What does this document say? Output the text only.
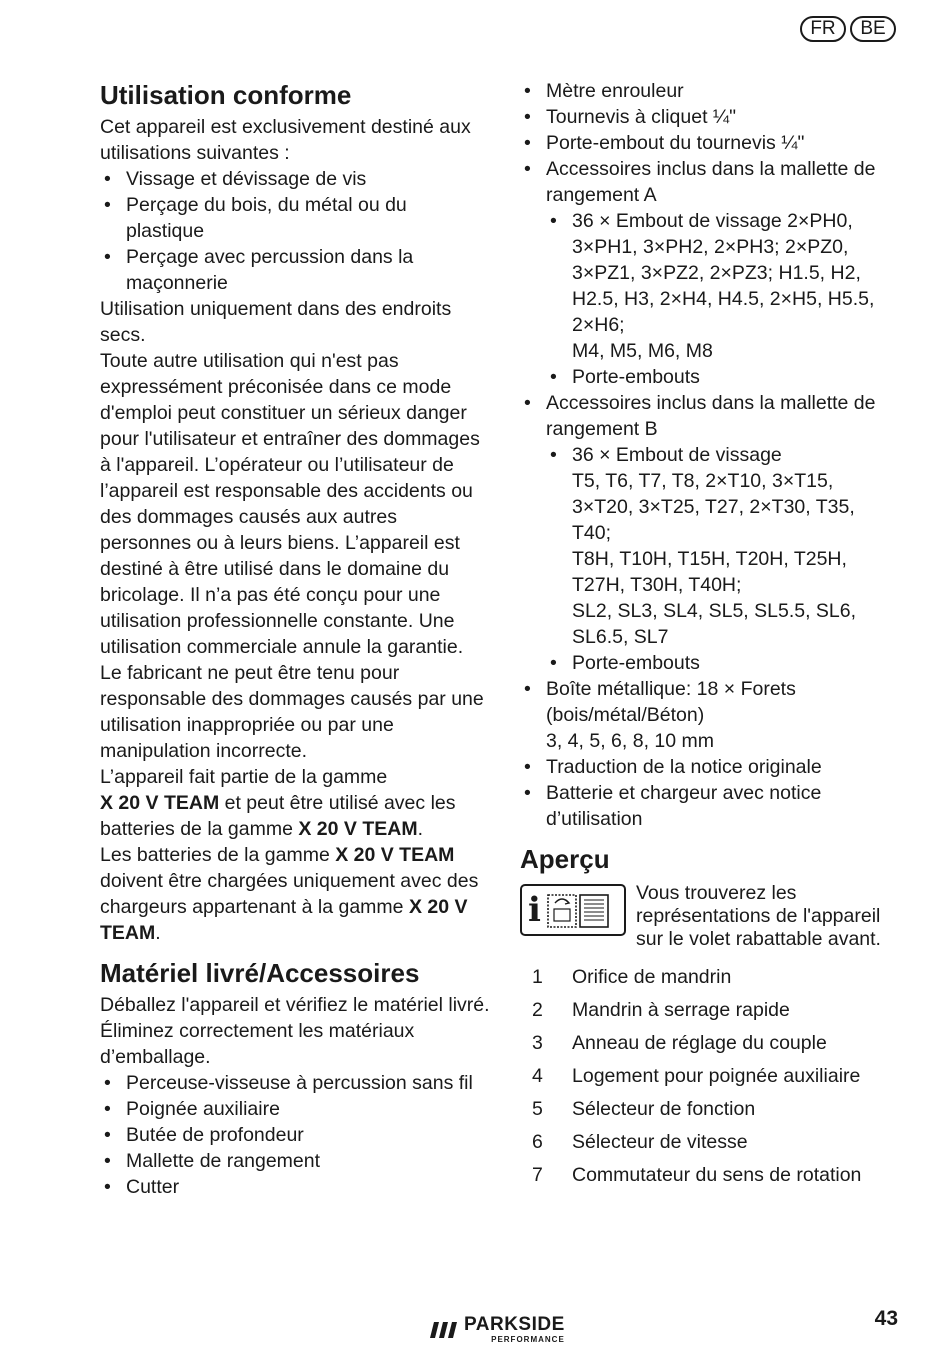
FR	BE
Utilisation conforme

Cet appareil est exclusivement destiné aux utilisations suivantes :

• Vissage et dévissage de vis
• Perçage du bois, du métal ou du plastique
• Perçage avec percussion dans la maçonnerie

Utilisation uniquement dans des endroits secs.

Toute autre utilisation qui n'est pas expressément préconisée dans ce mode d'emploi peut constituer un sérieux danger pour l'utilisateur et entraîner des dommages à l'appareil. L’opérateur ou l’utilisateur de l’appareil est responsable des accidents ou des dommages causés aux autres personnes ou à leurs biens. L’appareil est destiné à être utilisé dans le domaine du bricolage. Il n’a pas été conçu pour une utilisation professionnelle constante. Une utilisation commerciale annule la garantie.

Le fabricant ne peut être tenu pour responsable des dommages causés par une utilisation inappropriée ou par une manipulation incorrecte.

L’appareil fait partie de la gamme
X 20 V TEAM et peut être utilisé avec les batteries de la gamme X 20 V TEAM.

Les batteries de la gamme X 20 V TEAM doivent être chargées uniquement avec des chargeurs appartenant à la gamme X 20 V TEAM.

Matériel livré/Accessoires

Déballez l'appareil et vérifiez le matériel livré.

Éliminez correctement les matériaux d’emballage.

• Perceuse-visseuse à percussion sans fil
• Poignée auxiliaire
• Butée de profondeur
• Mallette de rangement
• Cutter
• Mètre enrouleur
• Tournevis à cliquet ¼"
• Porte-embout du tournevis ¼"
• Accessoires inclus dans la mallette de rangement A
• 36 × Embout de vissage 2×PH0, 3×PH1, 3×PH2, 2×PH3; 2×PZ0, 3×PZ1, 3×PZ2, 2×PZ3; H1.5, H2, H2.5, H3, 2×H4, H4.5, 2×H5, H5.5, 2×H6;
M4, M5, M6, M8
• Porte-embouts
• Accessoires inclus dans la mallette de rangement B
• 36 × Embout de vissage
T5, T6, T7, T8, 2×T10, 3×T15, 3×T20, 3×T25, T27, 2×T30, T35, T40;
T8H, T10H, T15H, T20H, T25H, T27H, T30H, T40H;
SL2, SL3, SL4, SL5, SL5.5, SL6, SL6.5, SL7
• Porte-embouts
• Boîte métallique: 18 × Forets (bois/métal/Béton)
3, 4, 5, 6, 8, 10 mm
• Traduction de la notice originale
• Batterie et chargeur avec notice d’utilisation
Aperçu
i	Vous trouverez les représentations de l'appareil sur le volet rabattable avant.
1	Orifice de mandrin
2	Mandrin à serrage rapide
3	Anneau de réglage du couple
4	Logement pour poignée auxiliaire
5	Sélecteur de fonction
6	Sélecteur de vitesse
7	Commutateur du sens de rotation
PARKSIDE
PERFORMANCE
43
